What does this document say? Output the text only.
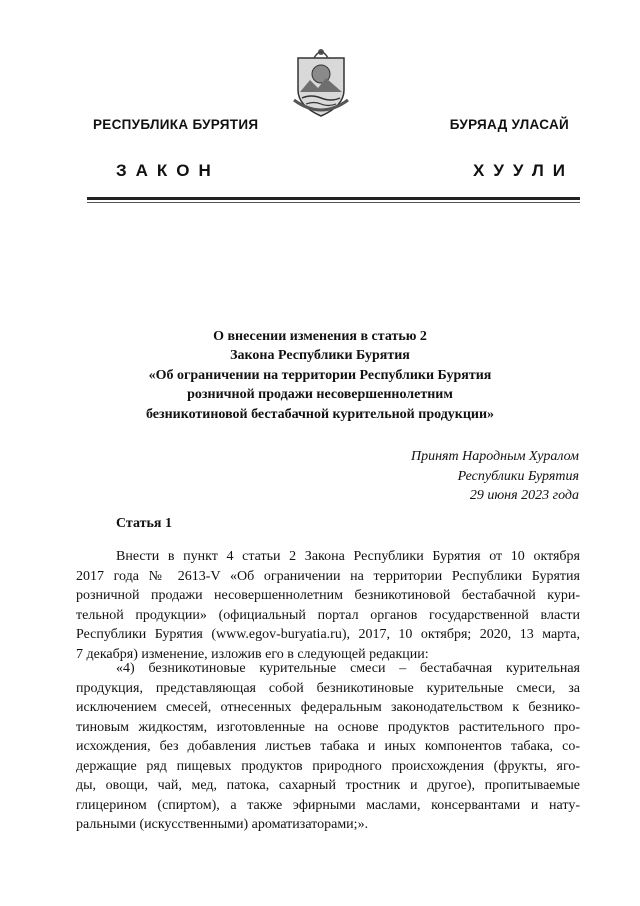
РЕСПУБЛИКА БУРЯТИЯ	БУРЯАД УЛАСАЙ
ЗАКОН	ХУУЛИ
О внесении изменения в статью 2
Закона Республики Бурятия
«Об ограничении на территории Республики Бурятия
розничной продажи несовершеннолетним
безникотиновой бестабачной курительной продукции»
Принят Народным Хуралом
Республики Бурятия
29 июня 2023 года
Статья 1
Внести в пункт 4 статьи 2 Закона Республики Бурятия от 10 октября
2017 года № 2613-V «Об ограничении на территории Республики Бурятия
розничной продажи несовершеннолетним безникотиновой бестабачной кури-
тельной продукции» (официальный портал органов государственной власти
Республики Бурятия (www.egov-buryatia.ru), 2017, 10 октября; 2020, 13 марта,
7 декабря) изменение, изложив его в следующей редакции:
«4) безникотиновые курительные смеси – бестабачная курительная
продукция, представляющая собой безникотиновые курительные смеси, за
исключением смесей, отнесенных федеральным законодательством к безнико-
тиновым жидкостям, изготовленные на основе продуктов растительного про-
исхождения, без добавления листьев табака и иных компонентов табака, со-
держащие ряд пищевых продуктов природного происхождения (фрукты, яго-
ды, овощи, чай, мед, патока, сахарный тростник и другое), пропитываемые
глицерином (спиртом), а также эфирными маслами, консервантами и нату-
ральными (искусственными) ароматизаторами;».
